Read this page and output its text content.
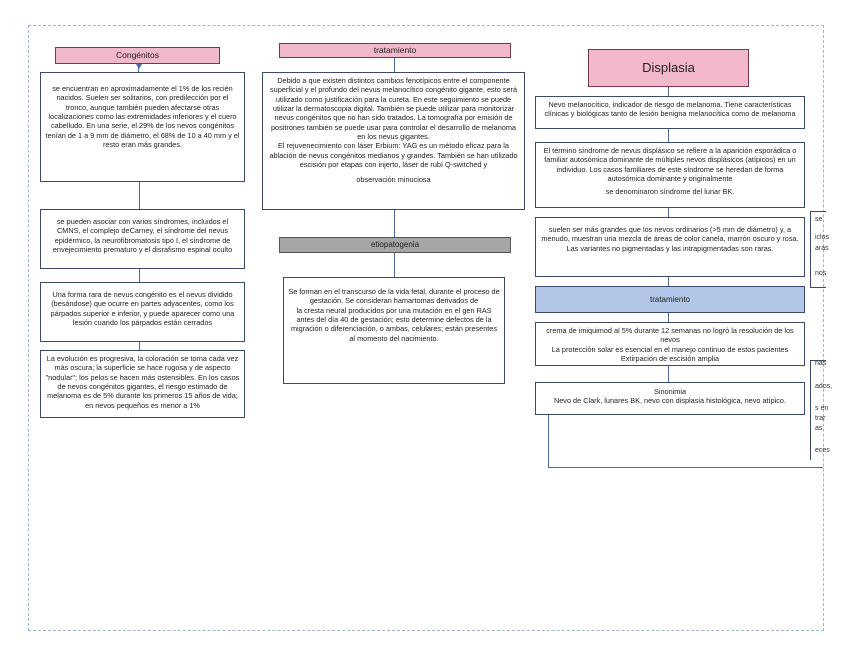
Congénitos

se encuentran en aproximadamente el 1% de los recién nacidos. Suelen ser solitarios, con predilección por el tronco, aunque también pueden afectarse otras localizaciones como las extremidades inferiores y el cuero cabelludo. En una serie, el 29% de los nevos congénitos tenían de 1 a 9 mm de diámetro, el 68% de 10 a 40 mm y el resto eran más grandes.

se pueden asociar con varios síndromes, incluidos el CMNS, el complejo deCarney, el síndrome del nevus epidérmico, la neurofibromatosis tipo I, el síndrome de envejecimiento prematuro y el disrafismo espinal oculto

Una forma rara de nevus congénito es el nevus dividido (besándose) que ocurre en partes adyacentes, como los párpados superior e inferior, y puede aparecer como una lesión cuando los párpados están cerrados

La evolución es progresiva, la coloración se torna cada vez más oscura; la superficie se hace rugosa y de aspecto "nodular"; los pelos se hacen más ostensibles. En los casos de nevos congénitos gigantes, el riesgo estimado de melanoma es de 5% durante los primeros 15 años de vida; en nevos pequeños es menor a 1%

tratamiento

Debido a que existen distintos cambios fenotípicos entre el componente superficial y el profundo del nevus melanocítico congénito gigante, esto será utilizado como justificación para la cureta. En este seguimiento se puede utilizar la dermatoscopia digital. También se puede utilizar para monitorizar nevus congénitos que no han sido tratados. La tomografía por emisión de positrones también se puede usar para controlar el desarrollo de melanoma en los nevus gigantes.

El rejuvenecimiento con láser Erbium: YAG es un método eficaz para la ablación de nevus congénitos medianos y grandes. También se han utilizado escisión por etapas con injerto, láser de rubí Q-switched y

observación minuciosa

etiopatogenia

Se forman en el transcurso de la vida fetal, durante el proceso de gestación. Se consideran hamartomas derivados de

la cresta neural producidos por una mutación en el gen RAS

antes del día 40 de gestación; esto determine defectos de la

migración o diferenciación, o ambas, celulares; están presentes al momento del nacimiento.

Displasia

Nevo melanocítico, indicador de riesgo de melanoma. Tiene características clínicas y biológicas tanto de lesión benigna melanocítica como de melanoma

El término síndrome de nevus displásico se refiere a la aparición esporádica o familiar autosómica dominante de múltiples nevos displásicos (atípicos) en un individuo. Los casos familiares de este síndrome se heredan de forma autosómica dominante y originalmente

se denominaron síndrome del lunar BK.

suelen ser más grandes que los nevos ordinarios (>5 mm de diámetro) y, a menudo, muestran una mezcla de áreas de color canela, marrón oscuro y rosa. Las variantes no pigmentadas y las intrapigmentadas son raras.

tratamiento

crema de imiquimod al 5% durante 12 semanas no logró la resolución de los nevos

La protección solar es esencial en el manejo continuo de estos pacientes

Extirpación de escisión amplia

Sinonimia

Nevo de Clark, lunares BK, nevo con displasia histológica, nevo atípico.

se
iclos
aras
nos
nas
ados,
s en
trar
as
eces
